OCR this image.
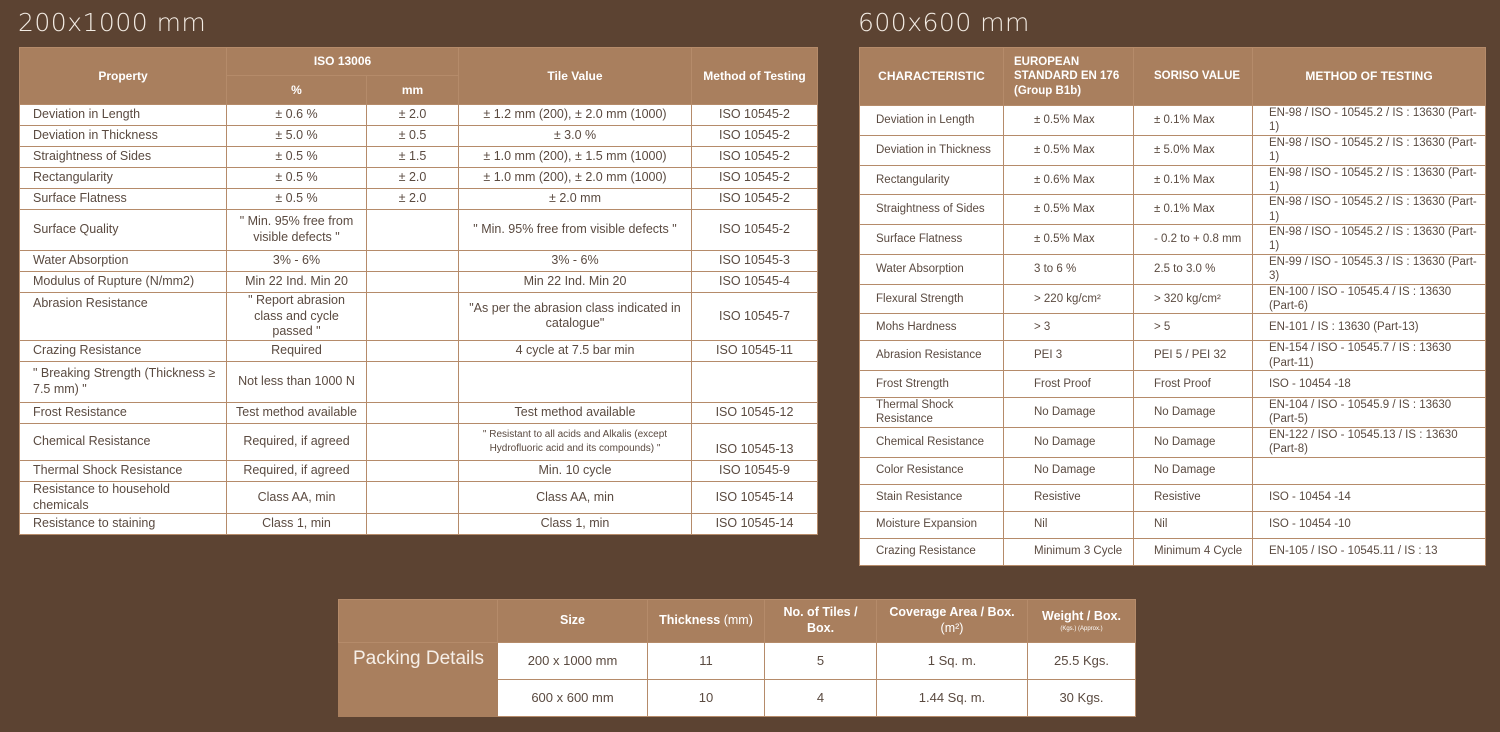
200x1000 mm	600x600 mm
Property	ISO 13006		Tile Value	Method of Testing
	%	mm		
Deviation in Length	± 0.6 %	± 2.0	± 1.2 mm (200), ± 2.0 mm (1000)	ISO 10545-2
Deviation in Thickness	± 5.0 %	± 0.5	± 3.0 %	ISO 10545-2
Straightness of Sides	± 0.5 %	± 1.5	± 1.0 mm (200), ± 1.5 mm (1000)	ISO 10545-2
Rectangularity	± 0.5 %	± 2.0	± 1.0 mm (200), ± 2.0 mm (1000)	ISO 10545-2
Surface Flatness	± 0.5 %	± 2.0	± 2.0 mm	ISO 10545-2
Surface Quality	" Min. 95% free from visible defects "		" Min. 95% free from visible defects "	ISO 10545-2
Water Absorption	3% - 6%		3% - 6%	ISO 10545-3
Modulus of Rupture (N/mm2)	Min 22 Ind. Min 20		Min 22 Ind. Min 20	ISO 10545-4
Abrasion Resistance	" Report abrasion class and cycle passed "		"As per the abrasion class indicated in catalogue"	ISO 10545-7
Crazing Resistance	Required		4 cycle at 7.5 bar min	ISO 10545-11
" Breaking Strength (Thickness ≥ 7.5 mm) "	Not less than 1000 N			
Frost Resistance	Test method available		Test method available	ISO 10545-12
Chemical Resistance	Required, if agreed		" Resistant to all acids and Alkalis (except Hydrofluoric acid and its compounds) "	ISO 10545-13
Thermal Shock Resistance	Required, if agreed		Min. 10 cycle	ISO 10545-9
Resistance to household chemicals	Class AA, min		Class AA, min	ISO 10545-14
Resistance to staining	Class 1, min		Class 1, min	ISO 10545-14
CHARACTERISTIC	EUROPEAN STANDARD EN 176 (Group B1b)	SORISO VALUE	METHOD OF TESTING
Deviation in Length	± 0.5% Max	± 0.1% Max	EN-98 / ISO - 10545.2 / IS : 13630 (Part-1)
Deviation in Thickness	± 0.5% Max	± 5.0% Max	EN-98 / ISO - 10545.2 / IS : 13630 (Part-1)
Rectangularity	± 0.6% Max	± 0.1% Max	EN-98 / ISO - 10545.2 / IS : 13630 (Part-1)
Straightness of Sides	± 0.5% Max	± 0.1% Max	EN-98 / ISO - 10545.2 / IS : 13630 (Part-1)
Surface Flatness	± 0.5% Max	- 0.2 to + 0.8 mm	EN-98 / ISO - 10545.2 / IS : 13630 (Part-1)
Water Absorption	3 to 6 %	2.5 to 3.0 %	EN-99 / ISO - 10545.3 / IS : 13630 (Part-3)
Flexural Strength	> 220 kg/cm²	> 320 kg/cm²	EN-100 / ISO - 10545.4 / IS : 13630 (Part-6)
Mohs Hardness	> 3	> 5	EN-101 / IS : 13630 (Part-13)
Abrasion Resistance	PEI 3	PEI 5 / PEI 32	EN-154 / ISO - 10545.7 / IS : 13630 (Part-11)
Frost Strength	Frost Proof	Frost Proof	ISO - 10454 -18
Thermal Shock Resistance	No Damage	No Damage	EN-104 / ISO - 10545.9 / IS : 13630 (Part-5)
Chemical Resistance	No Damage	No Damage	EN-122 / ISO - 10545.13 / IS : 13630 (Part-8)
Color Resistance	No Damage	No Damage	
Stain Resistance	Resistive	Resistive	ISO - 10454 -14
Moisture Expansion	Nil	Nil	ISO - 10454 -10
Crazing Resistance	Minimum 3 Cycle	Minimum 4 Cycle	EN-105 / ISO - 10545.11 / IS : 13
	Size	Thickness (mm)	No. of Tiles / Box.	Coverage Area / Box. (m²)	Weight / Box.
(Kgs.) (Approx.)

Packing Details	200 x 1000 mm	11	5	1 Sq. m.	25.5 Kgs.
	600 x 600 mm	10	4	1.44 Sq. m.	30 Kgs.
